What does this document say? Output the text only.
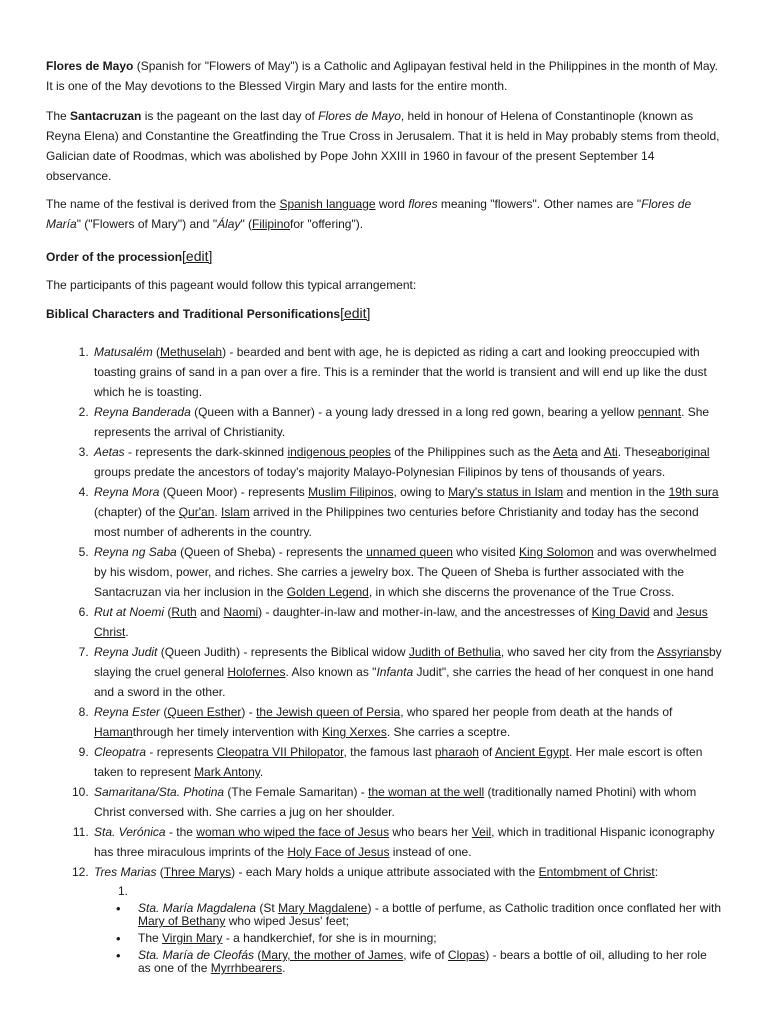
Flores de Mayo (Spanish for "Flowers of May") is a Catholic and Aglipayan festival held in the Philippines in the month of May. It is one of the May devotions to the Blessed Virgin Mary and lasts for the entire month.

The Santacruzan is the pageant on the last day of Flores de Mayo, held in honour of Helena of Constantinople (known as Reyna Elena) and Constantine the Greatfinding the True Cross in Jerusalem. That it is held in May probably stems from theold, Galician date of Roodmas, which was abolished by Pope John XXIII in 1960 in favour of the present September 14 observance.

The name of the festival is derived from the Spanish language word flores meaning "flowers". Other names are "Flores de María" ("Flowers of Mary") and "Álay" (Filipinofor "offering").

Order of the procession[edit]

The participants of this pageant would follow this typical arrangement:

Biblical Characters and Traditional Personifications[edit]
1. Matusalém (Methuselah) - bearded and bent with age, he is depicted as riding a cart and looking preoccupied with toasting grains of sand in a pan over a fire. This is a reminder that the world is transient and will end up like the dust which he is toasting.
2. Reyna Banderada (Queen with a Banner) - a young lady dressed in a long red gown, bearing a yellow pennant. She represents the arrival of Christianity.
3. Aetas - represents the dark-skinned indigenous peoples of the Philippines such as the Aeta and Ati. Theseaboriginal groups predate the ancestors of today's majority Malayo-Polynesian Filipinos by tens of thousands of years.
4. Reyna Mora (Queen Moor) - represents Muslim Filipinos, owing to Mary's status in Islam and mention in the 19th sura (chapter) of the Qur'an. Islam arrived in the Philippines two centuries before Christianity and today has the second most number of adherents in the country.
5. Reyna ng Saba (Queen of Sheba) - represents the unnamed queen who visited King Solomon and was overwhelmed by his wisdom, power, and riches. She carries a jewelry box. The Queen of Sheba is further associated with the Santacruzan via her inclusion in the Golden Legend, in which she discerns the provenance of the True Cross.
6. Rut at Noemi (Ruth and Naomi) - daughter-in-law and mother-in-law, and the ancestresses of King David and Jesus Christ.
7. Reyna Judit (Queen Judith) - represents the Biblical widow Judith of Bethulia, who saved her city from the Assyriansby slaying the cruel general Holofernes. Also known as "Infanta Judit", she carries the head of her conquest in one hand and a sword in the other.
8. Reyna Ester (Queen Esther) - the Jewish queen of Persia, who spared her people from death at the hands of Hamanthrough her timely intervention with King Xerxes. She carries a sceptre.
9. Cleopatra - represents Cleopatra VII Philopator, the famous last pharaoh of Ancient Egypt. Her male escort is often taken to represent Mark Antony.
10. Samaritana/Sta. Photina (The Female Samaritan) - the woman at the well (traditionally named Photini) with whom Christ conversed with. She carries a jug on her shoulder.
11. Sta. Verónica - the woman who wiped the face of Jesus who bears her Veil, which in traditional Hispanic iconography has three miraculous imprints of the Holy Face of Jesus instead of one.
12. Tres Marias (Three Marys) - each Mary holds a unique attribute associated with the Entombment of Christ:
1.
• Sta. María Magdalena (St Mary Magdalene) - a bottle of perfume, as Catholic tradition once conflated her with Mary of Bethany who wiped Jesus' feet;
• The Virgin Mary - a handkerchief, for she is in mourning;
• Sta. María de Cleofás (Mary, the mother of James, wife of Clopas) - bears a bottle of oil, alluding to her role as one of the Myrrhbearers.
